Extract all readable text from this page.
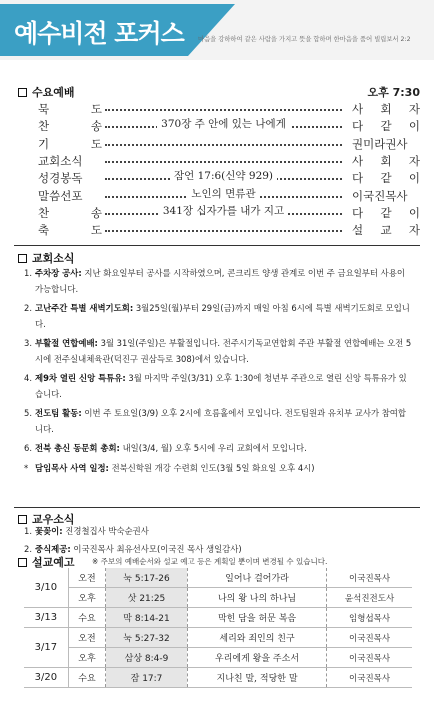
예수비전 포커스 마음을 강하하여 같은 사람을 가지고 뜻을 합하며 한마음을 품어 빌립보서 2:2
수요예배	오후 7:30
묵	도	사 회 자
찬	송	370장 주 안에 있는 나에게	다 같 이
기	도	권미라권사
교회소식	사 회 자
성경봉독	잠언 17:6(신약 929)	다 같 이
말씀선포	노인의 면류관	이국진목사
찬	송	341장 십자가를 내가 지고	다 같 이
축	도	설 교 자
교회소식
1. 주차장 공사: 지난 화요일부터 공사를 시작하였으며, 콘크리트 양생 관계로 이번 주 금요일부터 사용이 가능합니다.
2. 고난주간 특별 새벽기도회: 3월25일(월)부터 29일(금)까지 매일 아침 6시에 특별 새벽기도회로 모입니다.
3. 부활절 연합예배: 3월 31일(주일)은 부활절입니다. 전주시기독교연합회 주관 부활절 연합예배는 오전 5시에 전주실내체육관(덕진구 권삼득로 308)에서 있습니다.
4. 제9차 열린 신앙 특튜유: 3월 마지막 주일(3/31) 오후 1:30에 청년부 주관으로 열린 신앙 특튜유가 있습니다.
5. 전도팀 활동: 이번 주 토요일(3/9) 오후 2시에 흐름홀에서 모입니다. 전도팀원과 유치부 교사가 참여합니다.
6. 전북 총신 동문회 총회: 내일(3/4, 월) 오후 5시에 우리 교회에서 모입니다.
* 담임목사 사역 일정: 전북신학원 개강 수련회 인도(3월 5일 화요일 오후 4시)
교우소식
1. 꽃꽂이: 진경철집사 박숙순권사
2. 중식제공: 이국진목사 최유선사모(이국진 목사 생일감사)
설교예고 ※ 주보의 예배순서와 설교 예고 등은 계획일 뿐이며 변경될 수 있습니다.
3/10	오전	눅 5:17-26	일어나 걸어가라	이국진목사
	오후	삿 21:25	나의 왕 나의 하나님	윤석진전도사
3/13	수요	막 8:14-21	막힌 담을 허문 복음	임형섭목사
3/17	오전	눅 5:27-32	세리와 죄인의 친구	이국진목사
	오후	삼상 8:4-9	우리에게 왕을 주소서	이국진목사
3/20	수요	잠 17:7	지나친 말, 적당한 말	이국진목사
